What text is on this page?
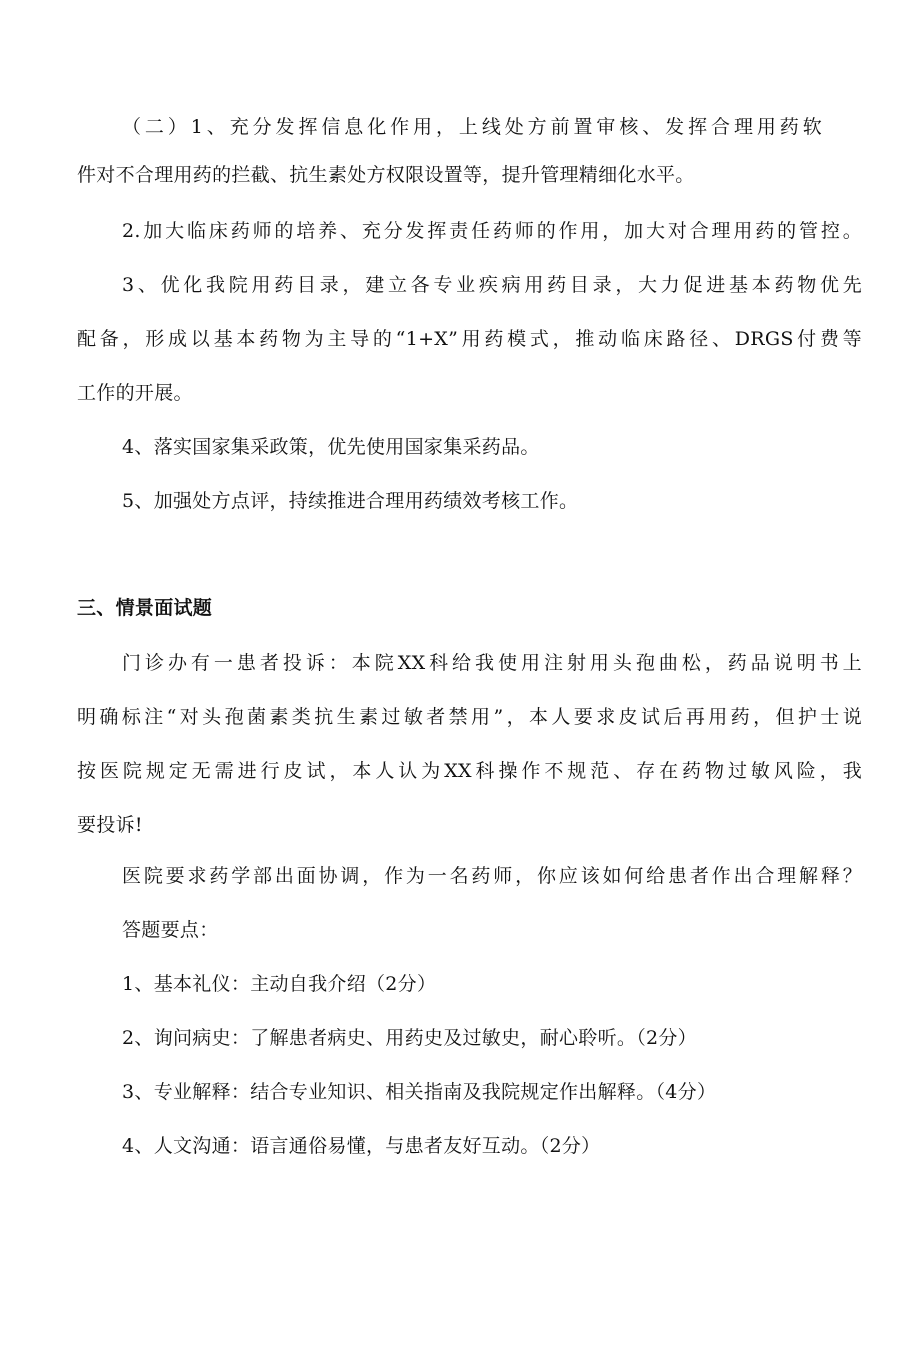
（二）1、充分发挥信息化作用，上线处方前置审核、发挥合理用药软
件对不合理用药的拦截、抗生素处方权限设置等，提升管理精细化水平。
2.加大临床药师的培养、充分发挥责任药师的作用，加大对合理用药的管控。
3、优化我院用药目录，建立各专业疾病用药目录，大力促进基本药物优先
配备，形成以基本药物为主导的“1+X”用药模式，推动临床路径、DRGS付费等
工作的开展。
4、落实国家集采政策，优先使用国家集采药品。
5、加强处方点评，持续推进合理用药绩效考核工作。
三、情景面试题
门诊办有一患者投诉：本院XX科给我使用注射用头孢曲松，药品说明书上
明确标注“对头孢菌素类抗生素过敏者禁用”，本人要求皮试后再用药，但护士说
按医院规定无需进行皮试，本人认为XX科操作不规范、存在药物过敏风险，我
要投诉!
医院要求药学部出面协调，作为一名药师，你应该如何给患者作出合理解释？
答题要点：
1、基本礼仪：主动自我介绍（2分）
2、询问病史：了解患者病史、用药史及过敏史，耐心聆听。（2分）
3、专业解释：结合专业知识、相关指南及我院规定作出解释。（4分）
4、人文沟通：语言通俗易懂，与患者友好互动。（2分）
